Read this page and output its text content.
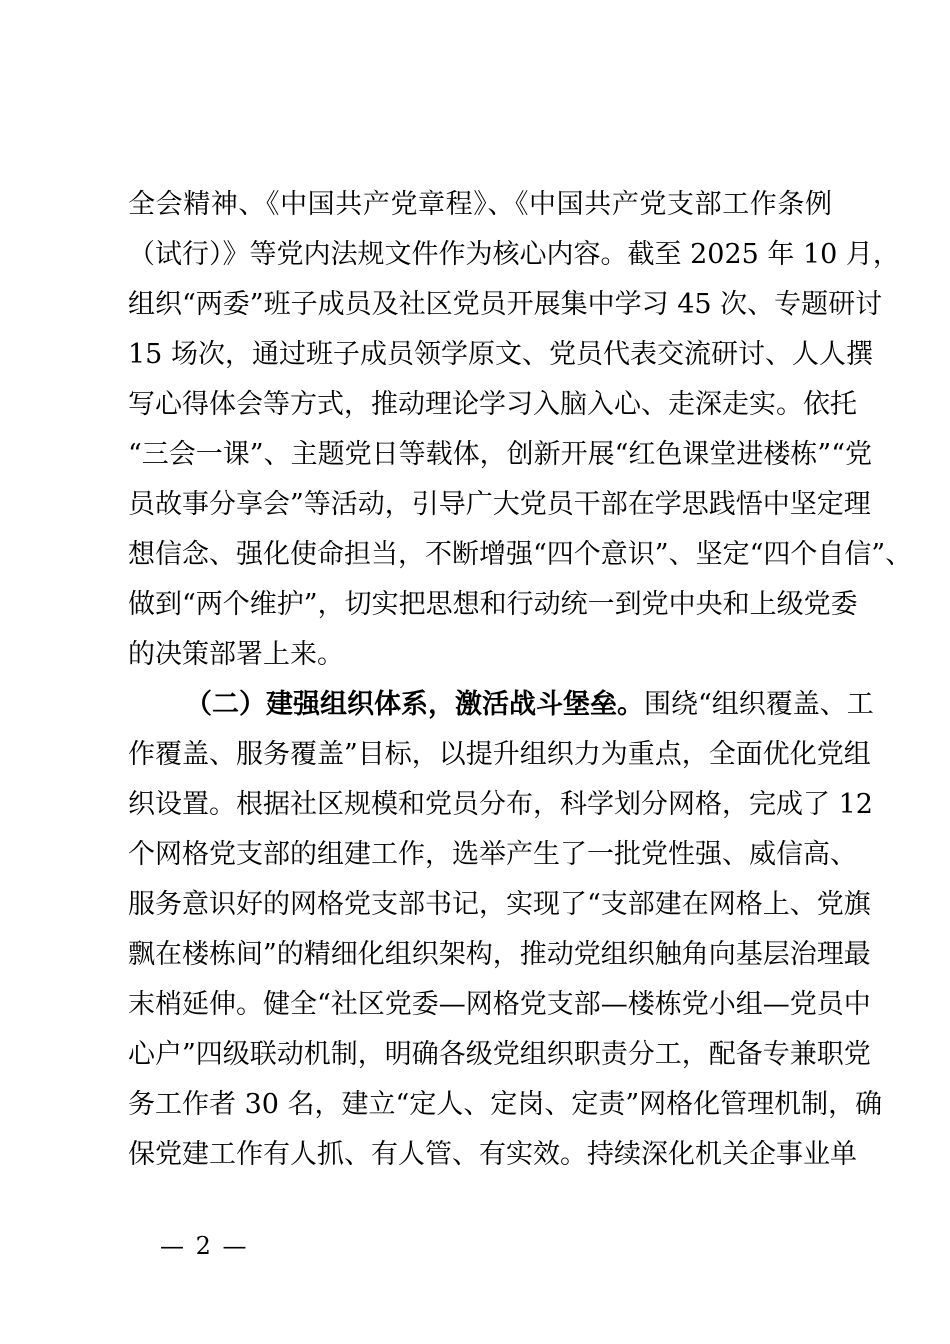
全会精神、《中国共产党章程》、《中国共产党支部工作条例
（试行）》等党内法规文件作为核心内容。截至 2025 年 10 月，
组织“两委”班子成员及社区党员开展集中学习 45 次、专题研讨
15 场次，通过班子成员领学原文、党员代表交流研讨、人人撰
写心得体会等方式，推动理论学习入脑入心、走深走实。依托
“三会一课”、主题党日等载体，创新开展“红色课堂进楼栋”“党
员故事分享会”等活动，引导广大党员干部在学思践悟中坚定理
想信念、强化使命担当，不断增强“四个意识”、坚定“四个自信”、
做到“两个维护”，切实把思想和行动统一到党中央和上级党委
的决策部署上来。
（二）建强组织体系，激活战斗堡垒。围绕“组织覆盖、工
作覆盖、服务覆盖”目标，以提升组织力为重点，全面优化党组
织设置。根据社区规模和党员分布，科学划分网格，完成了 12
个网格党支部的组建工作，选举产生了一批党性强、威信高、
服务意识好的网格党支部书记，实现了“支部建在网格上、党旗
飘在楼栋间”的精细化组织架构，推动党组织触角向基层治理最
末梢延伸。健全“社区党委—网格党支部—楼栋党小组—党员中
心户”四级联动机制，明确各级党组织职责分工，配备专兼职党
务工作者 30 名，建立“定人、定岗、定责”网格化管理机制，确
保党建工作有人抓、有人管、有实效。持续深化机关企事业单
— 2 —
